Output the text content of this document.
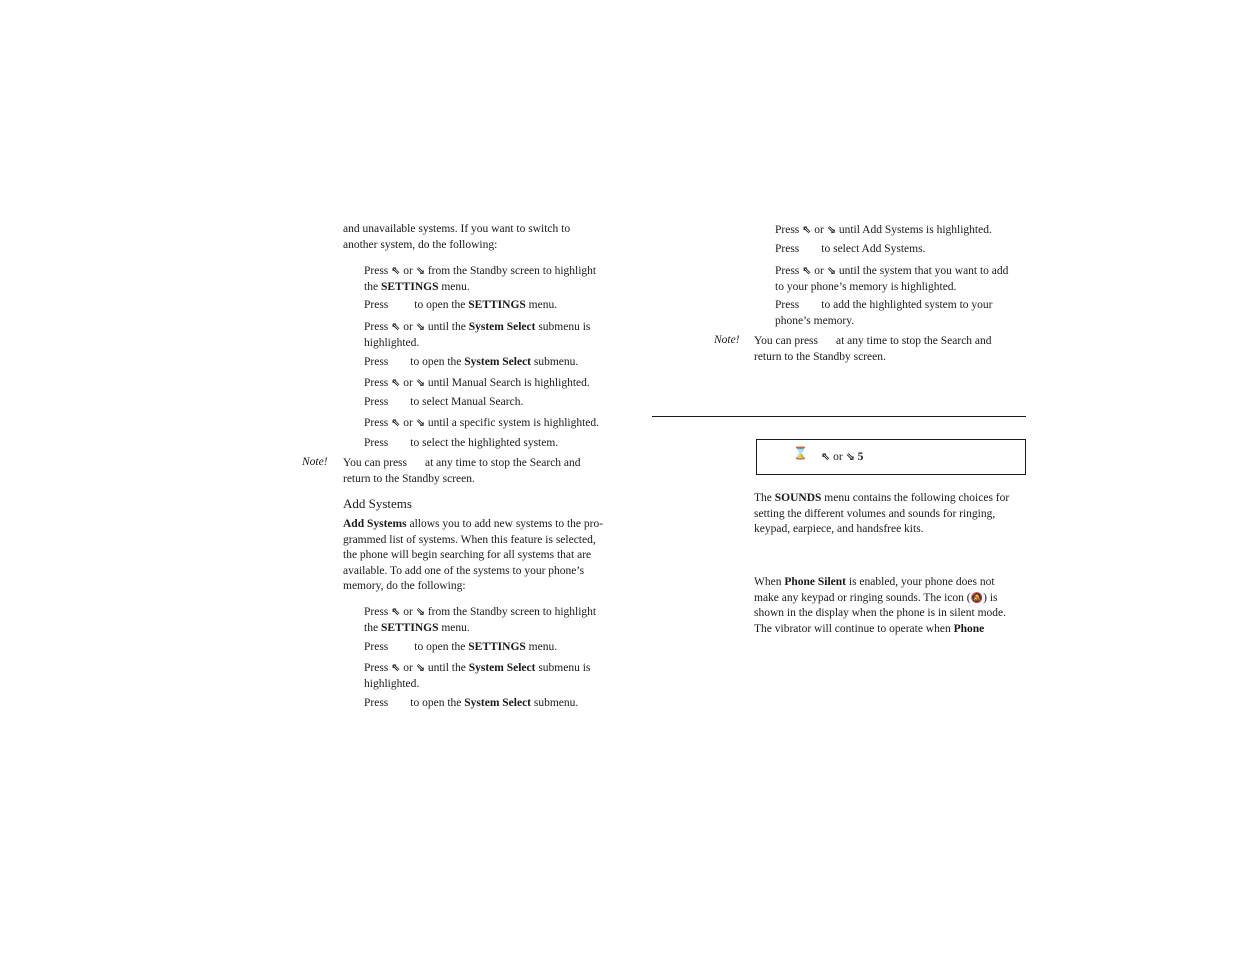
and unavailable systems. If you want to switch to
another system, do the following:
Press ⇖ or ⇘ from the Standby screen to highlight
the SETTINGS menu.
Press to open the SETTINGS menu.
Press ⇖ or ⇘ until the System Select submenu is
highlighted.
Press to open the System Select submenu.
Press ⇖ or ⇘ until Manual Search is highlighted.
Press to select Manual Search.
Press ⇖ or ⇘ until a specific system is highlighted.
Press to select the highlighted system.
Note! You can press at any time to stop the Search and
return to the Standby screen.
Add Systems
Add Systems allows you to add new systems to the pro-
grammed list of systems. When this feature is selected,
the phone will begin searching for all systems that are
available. To add one of the systems to your phone’s
memory, do the following:
Press ⇖ or ⇘ from the Standby screen to highlight
the SETTINGS menu.
Press to open the SETTINGS menu.
Press ⇖ or ⇘ until the System Select submenu is
highlighted.
Press to open the System Select submenu.
Press ⇖ or ⇘ until Add Systems is highlighted.
Press to select Add Systems.
Press ⇖ or ⇘ until the system that you want to add
to your phone’s memory is highlighted.
Press to add the highlighted system to your
phone’s memory.
Note! You can press at any time to stop the Search and
return to the Standby screen.
⌛ ⇖ or ⇘ 5
The SOUNDS menu contains the following choices for
setting the different volumes and sounds for ringing,
keypad, earpiece, and handsfree kits.
When Phone Silent is enabled, your phone does not
make any keypad or ringing sounds. The icon (🔕) is
shown in the display when the phone is in silent mode.
The vibrator will continue to operate when Phone
